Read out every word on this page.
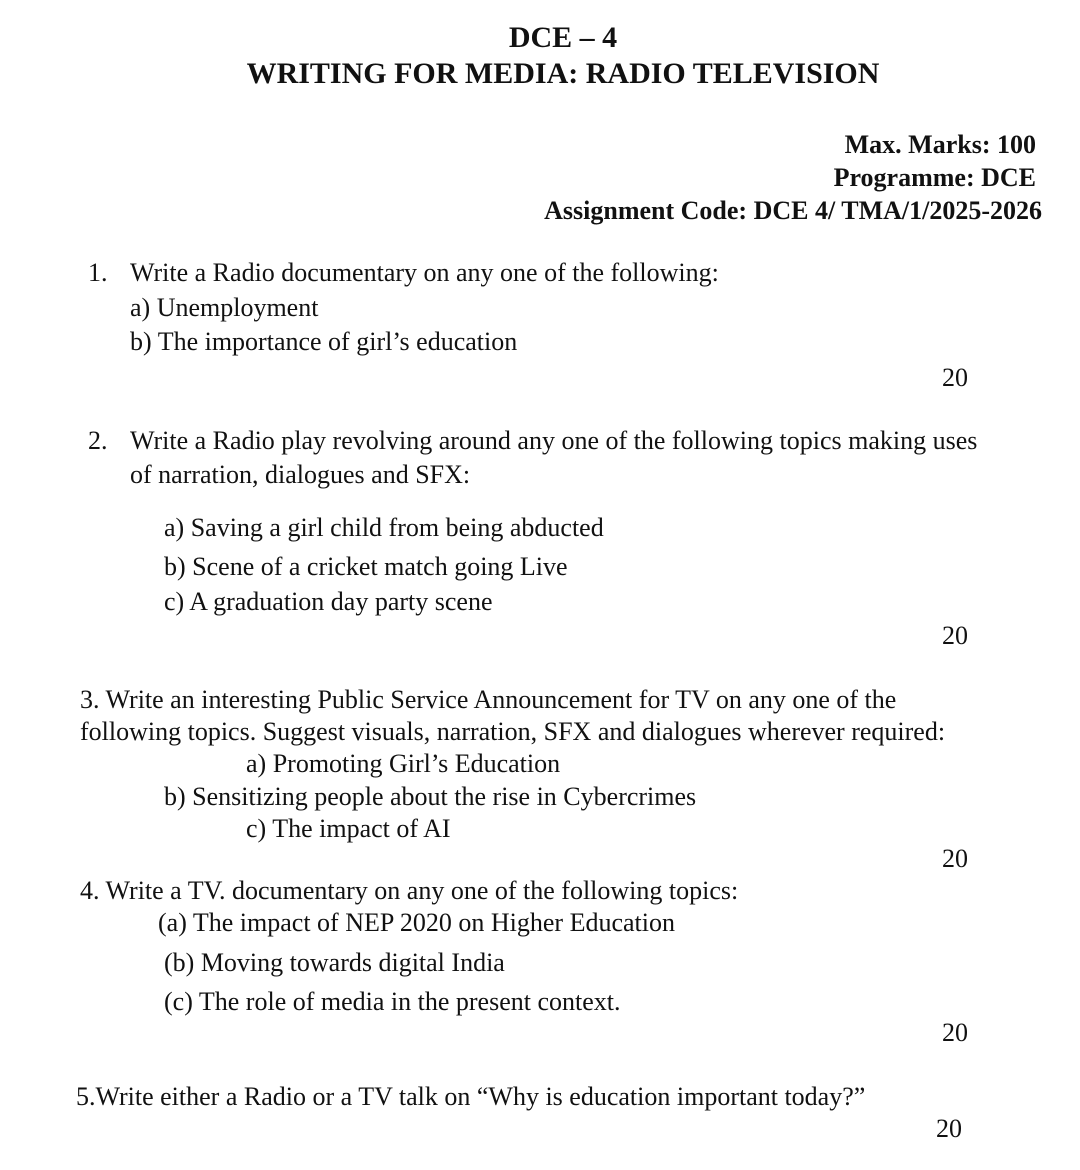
DCE – 4
WRITING FOR MEDIA: RADIO TELEVISION
Max. Marks: 100
Programme: DCE
Assignment Code: DCE 4/ TMA/1/2025-2026
1. Write a Radio documentary on any one of the following:
a) Unemployment
b) The importance of girl’s education
20
2. Write a Radio play revolving around any one of the following topics making uses
of narration, dialogues and SFX:
a) Saving a girl child from being abducted
b) Scene of a cricket match going Live
c) A graduation day party scene
20
3. Write an interesting Public Service Announcement for TV on any one of the
following topics. Suggest visuals, narration, SFX and dialogues wherever required:
a) Promoting Girl’s Education
b) Sensitizing people about the rise in Cybercrimes
c) The impact of AI
20
4. Write a TV. documentary on any one of the following topics:
(a) The impact of NEP 2020 on Higher Education
(b) Moving towards digital India
(c) The role of media in the present context.
20
5.Write either a Radio or a TV talk on “Why is education important today?”
20
